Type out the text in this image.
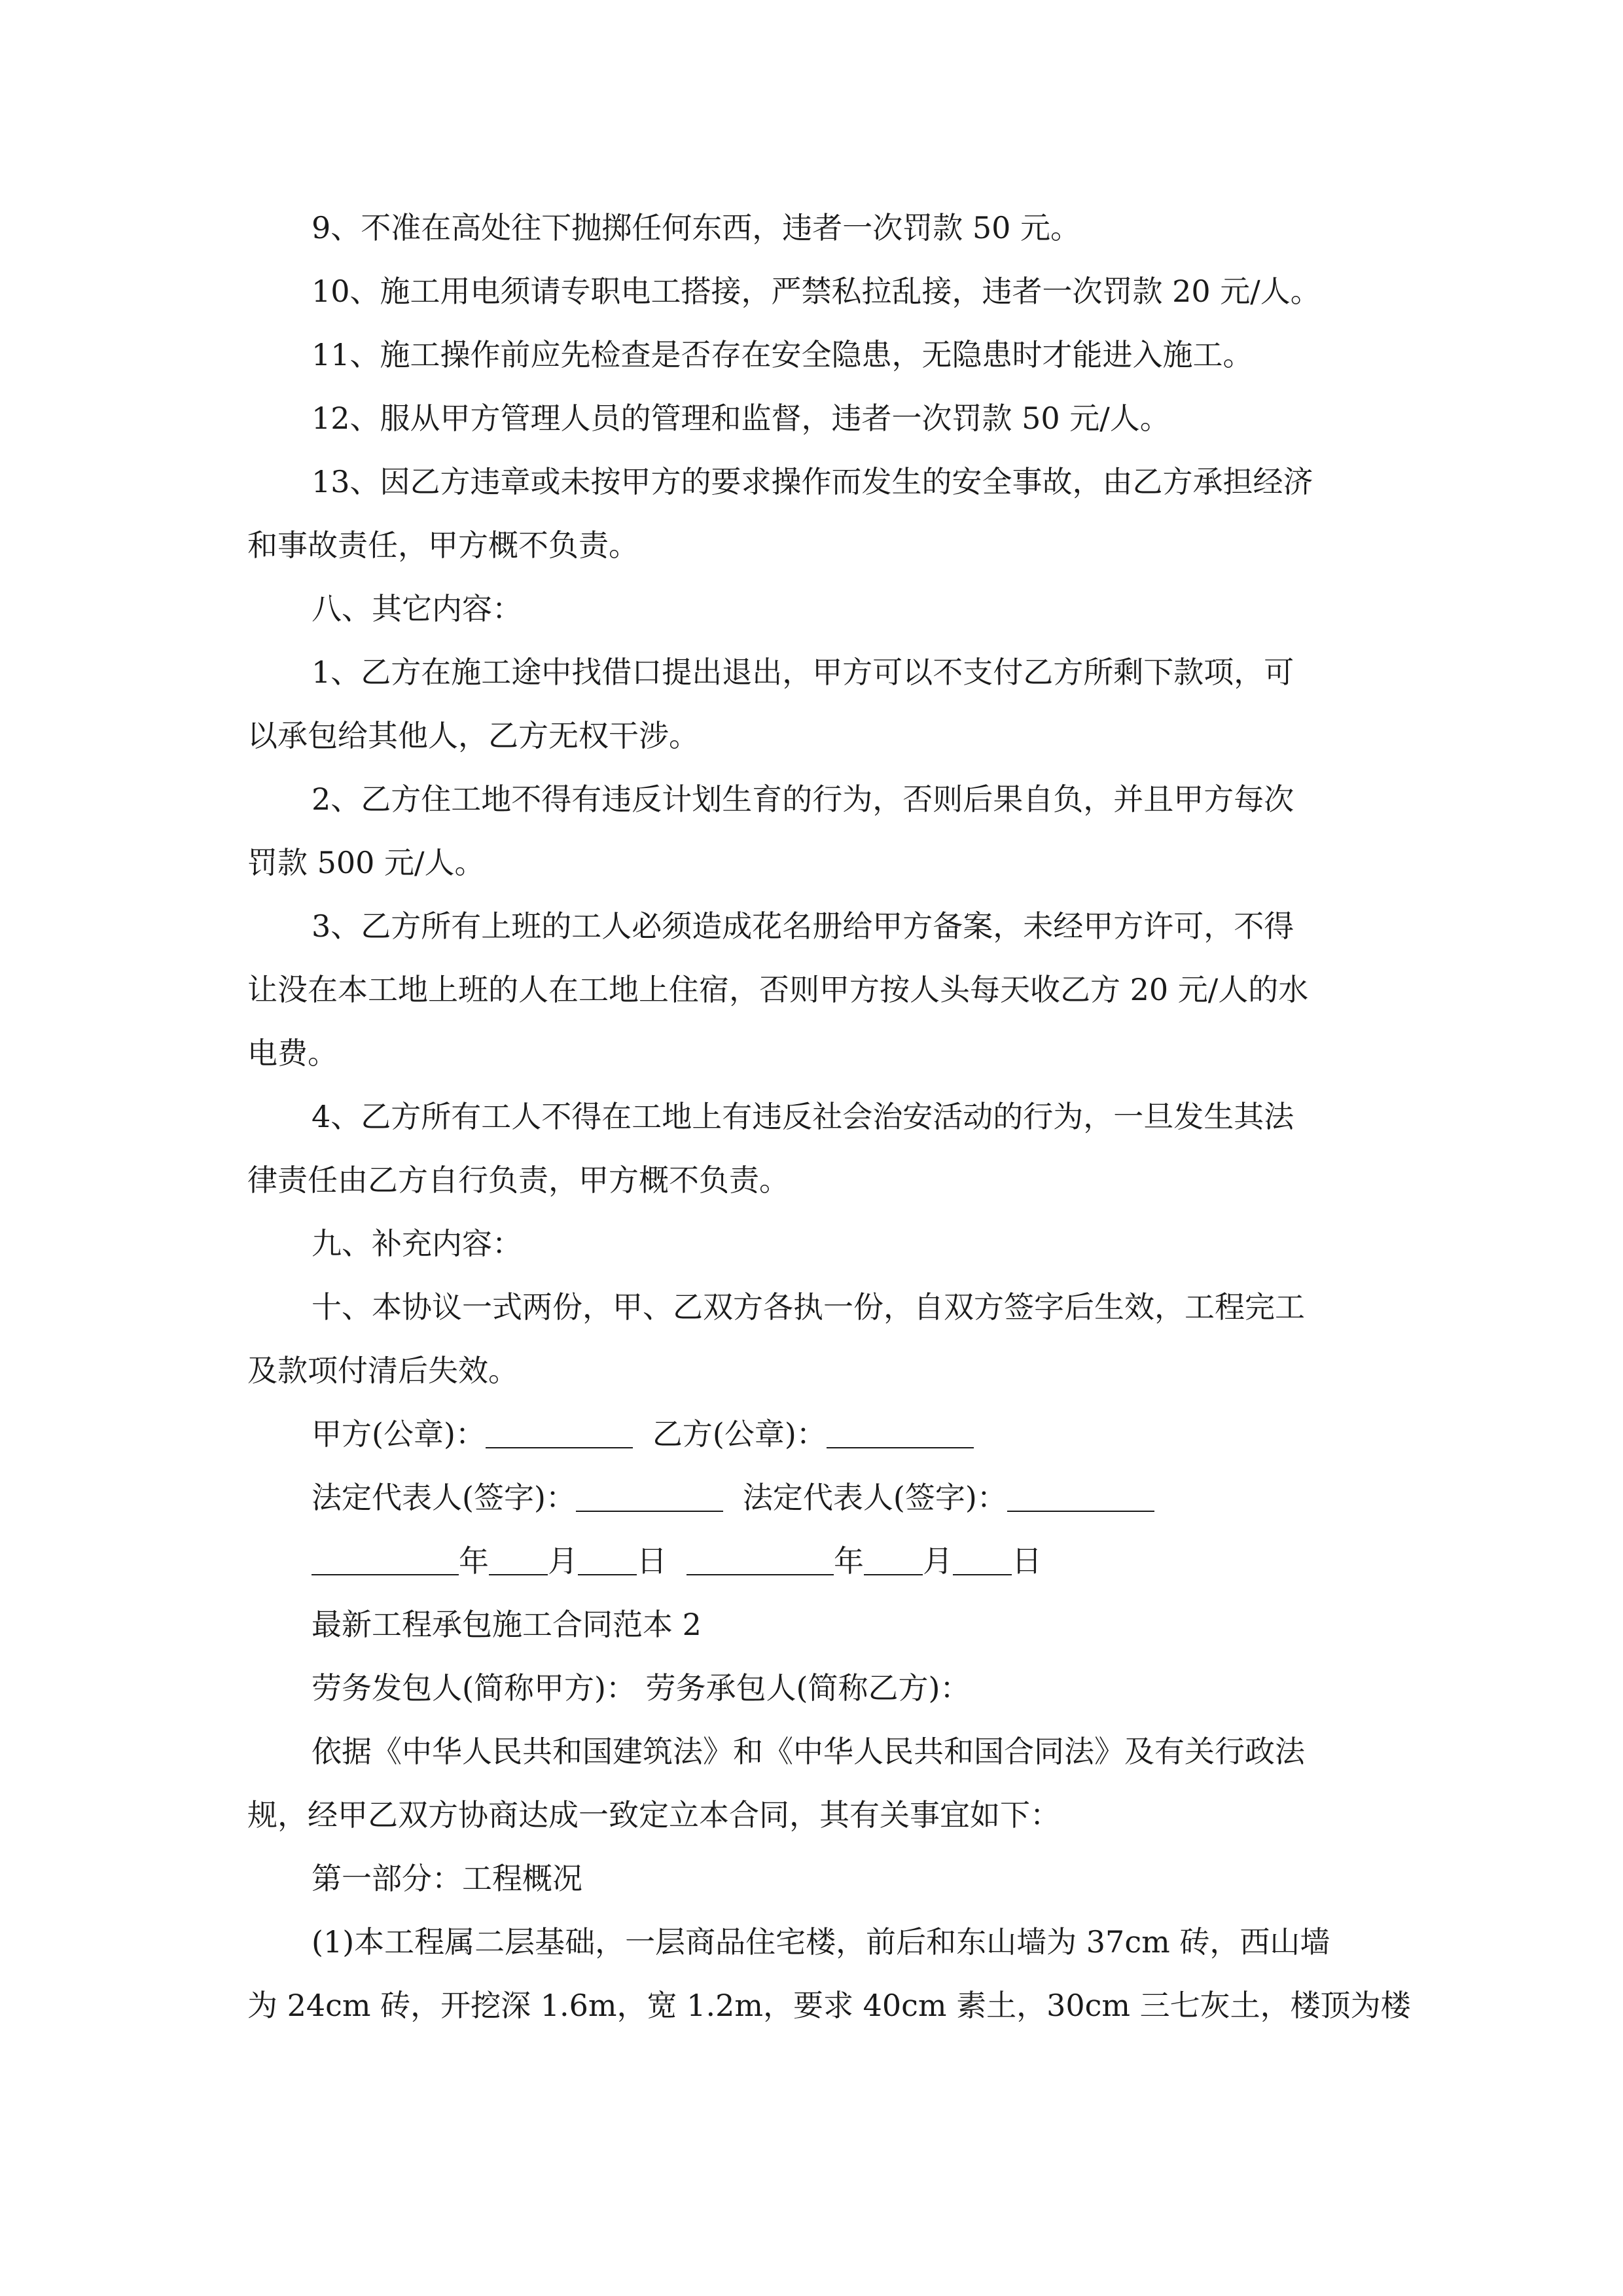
9、不准在高处往下抛掷任何东西，违者一次罚款 50 元。
10、施工用电须请专职电工搭接，严禁私拉乱接，违者一次罚款 20 元/人。
11、施工操作前应先检查是否存在安全隐患，无隐患时才能进入施工。
12、服从甲方管理人员的管理和监督，违者一次罚款 50 元/人。
13、因乙方违章或未按甲方的要求操作而发生的安全事故，由乙方承担经济
和事故责任，甲方概不负责。
八、其它内容：
1、乙方在施工途中找借口提出退出，甲方可以不支付乙方所剩下款项，可
以承包给其他人，乙方无权干涉。
2、乙方住工地不得有违反计划生育的行为，否则后果自负，并且甲方每次
罚款 500 元/人。
3、乙方所有上班的工人必须造成花名册给甲方备案，未经甲方许可，不得
让没在本工地上班的人在工地上住宿，否则甲方按人头每天收乙方 20 元/人的水
电费。
4、乙方所有工人不得在工地上有违反社会治安活动的行为，一旦发生其法
律责任由乙方自行负责，甲方概不负责。
九、补充内容：
十、本协议一式两份，甲、乙双方各执一份，自双方签字后生效，工程完工
及款项付清后失效。
甲方(公章)：	乙方(公章)：
法定代表人(签字)：	法定代表人(签字)：
年 月 日	年 月 日
最新工程承包施工合同范本 2
劳务发包人(简称甲方)： 劳务承包人(简称乙方)：
依据《中华人民共和国建筑法》和《中华人民共和国合同法》及有关行政法
规，经甲乙双方协商达成一致定立本合同，其有关事宜如下：
第一部分：工程概况
(1)本工程属二层基础，一层商品住宅楼，前后和东山墙为 37cm 砖，西山墙
为 24cm 砖，开挖深 1.6m，宽 1.2m，要求 40cm 素土，30cm 三七灰土，楼顶为楼
